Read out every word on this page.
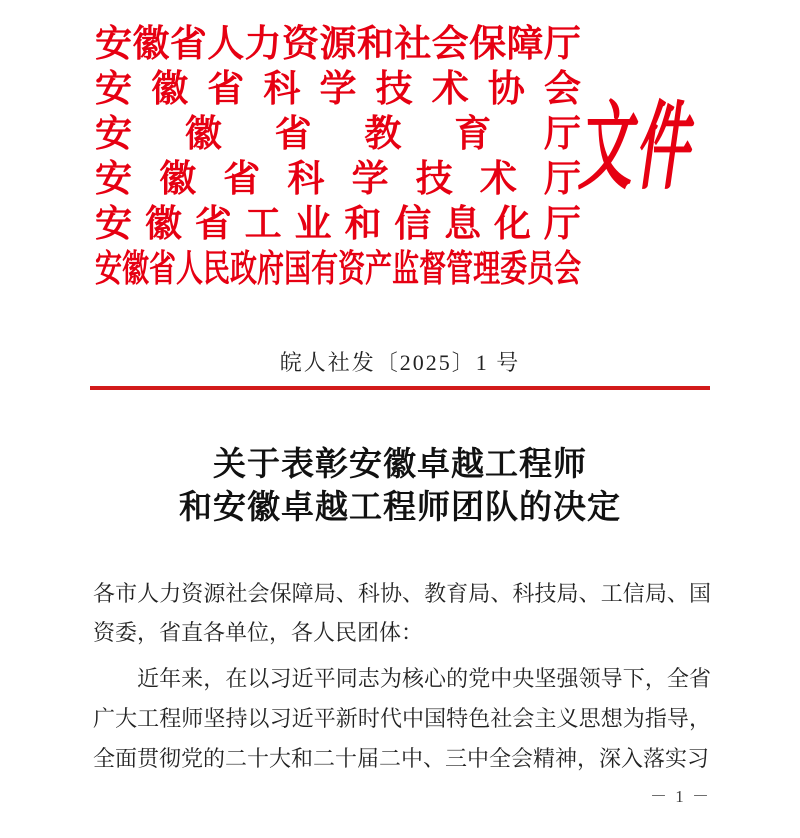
安 徽 省 人 力 资 源 和 社 会 保 障 厅
安 徽 省 科 学 技 术 协 会
安 徽 省 教 育 厅
安 徽 省 科 学 技 术 厅
安 徽 省 工 业 和 信 息 化 厅
安徽省人民政府国有资产监督管理委员会
文件
皖人社发〔2025〕1 号
关于表彰安徽卓越工程师
和安徽卓越工程师团队的决定

各市人力资源社会保障局、科协、教育局、科技局、工信局、国资委，省直各单位，各人民团体：

近年来，在以习近平同志为核心的党中央坚强领导下，全省广大工程师坚持以习近平新时代中国特色社会主义思想为指导，全面贯彻党的二十大和二十届二中、三中全会精神，深入落实习

－ 1 －
